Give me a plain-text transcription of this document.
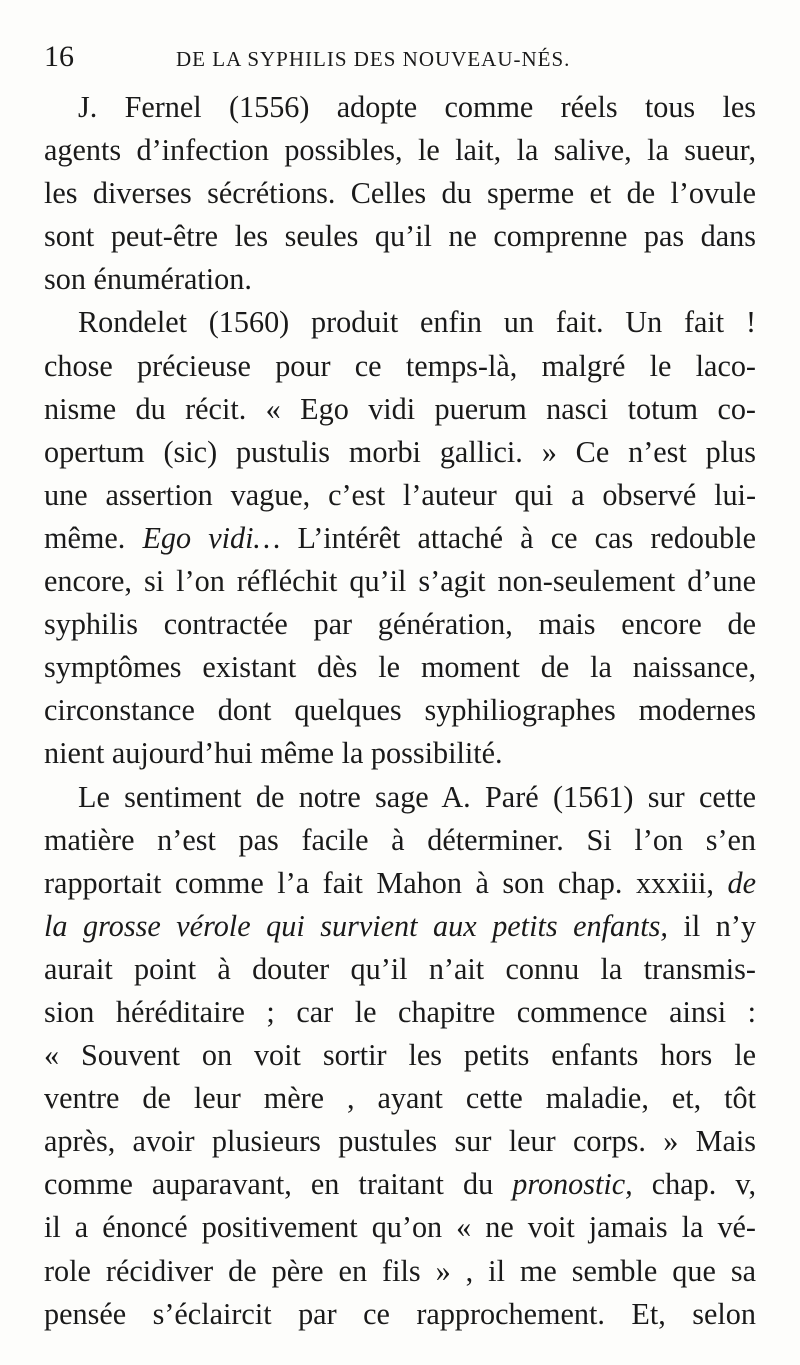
16	DE LA SYPHILIS DES NOUVEAU-NÉS.
J. Fernel (1556) adopte comme réels tous les
agents d’infection possibles, le lait, la salive, la sueur,
les diverses sécrétions. Celles du sperme et de l’ovule
sont peut-être les seules qu’il ne comprenne pas dans
son énumération.
Rondelet (1560) produit enfin un fait. Un fait !
chose précieuse pour ce temps-là, malgré le laco-
nisme du récit. « Ego vidi puerum nasci totum co-
opertum (sic) pustulis morbi gallici. » Ce n’est plus
une assertion vague, c’est l’auteur qui a observé lui-
même. Ego vidi… L’intérêt attaché à ce cas redouble
encore, si l’on réfléchit qu’il s’agit non-seulement d’une
syphilis contractée par génération, mais encore de
symptômes existant dès le moment de la naissance,
circonstance dont quelques syphiliographes modernes
nient aujourd’hui même la possibilité.
Le sentiment de notre sage A. Paré (1561) sur cette
matière n’est pas facile à déterminer. Si l’on s’en
rapportait comme l’a fait Mahon à son chap. xxxiii, de
la grosse vérole qui survient aux petits enfants, il n’y
aurait point à douter qu’il n’ait connu la transmis-
sion héréditaire ; car le chapitre commence ainsi :
« Souvent on voit sortir les petits enfants hors le
ventre de leur mère , ayant cette maladie, et, tôt
après, avoir plusieurs pustules sur leur corps. » Mais
comme auparavant, en traitant du pronostic, chap. v,
il a énoncé positivement qu’on « ne voit jamais la vé-
role récidiver de père en fils » , il me semble que sa
pensée s’éclaircit par ce rapprochement. Et, selon
